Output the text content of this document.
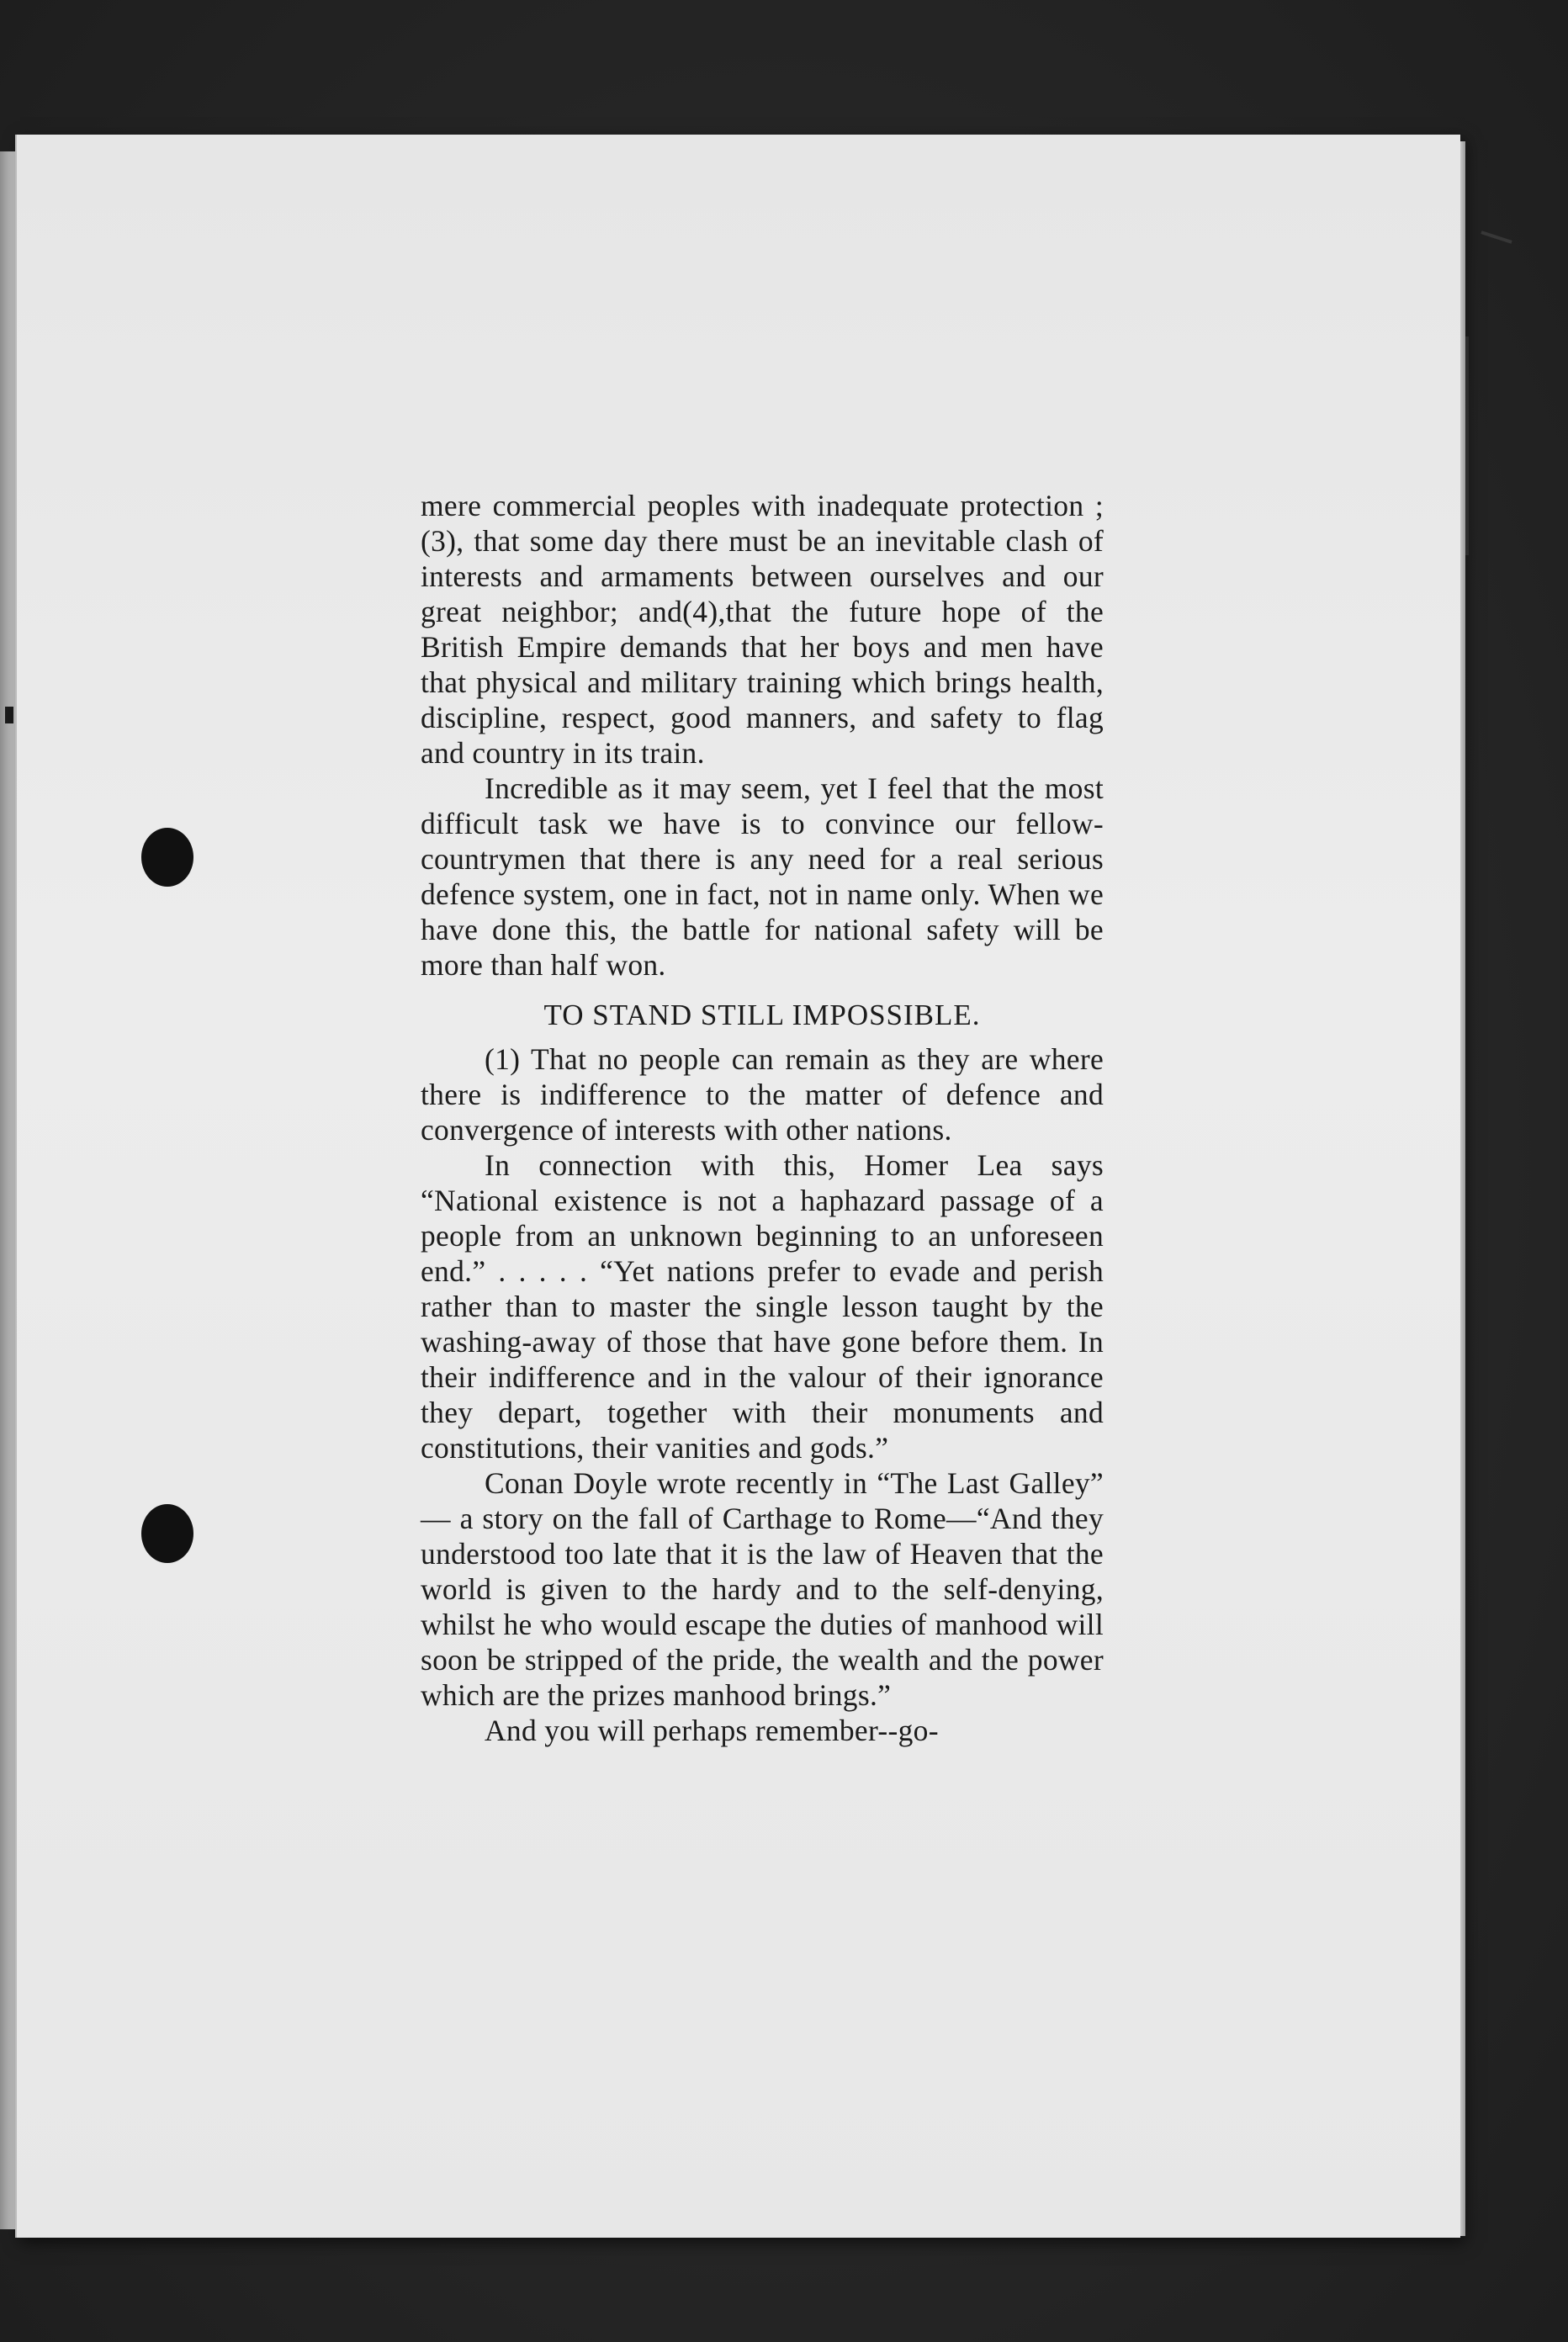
mere commercial peoples with inadequate protection ; (3), that some day there must be an inevitable clash of interests and armaments between ourselves and our great neighbor; and(4),that the future hope of the British Empire demands that her boys and men have that physical and military training which brings health, discipline, respect, good manners, and safety to flag and country in its train.

Incredible as it may seem, yet I feel that the most difficult task we have is to convince our fellow-countrymen that there is any need for a real serious defence system, one in fact, not in name only. When we have done this, the battle for national safety will be more than half won.

TO STAND STILL IMPOSSIBLE.

(1) That no people can remain as they are where there is indifference to the matter of defence and convergence of interests with other nations.

In connection with this, Homer Lea says “National existence is not a haphazard passage of a people from an unknown beginning to an unforeseen end.” . . . . . “Yet nations prefer to evade and perish rather than to master the single lesson taught by the washing-away of those that have gone before them. In their indifference and in the valour of their ignorance they depart, together with their monuments and constitutions, their vanities and gods.”

Conan Doyle wrote recently in “The Last Galley” — a story on the fall of Carthage to Rome—“And they understood too late that it is the law of Heaven that the world is given to the hardy and to the self-denying, whilst he who would escape the duties of manhood will soon be stripped of the pride, the wealth and the power which are the prizes manhood brings.”

And you will perhaps remember--go-
